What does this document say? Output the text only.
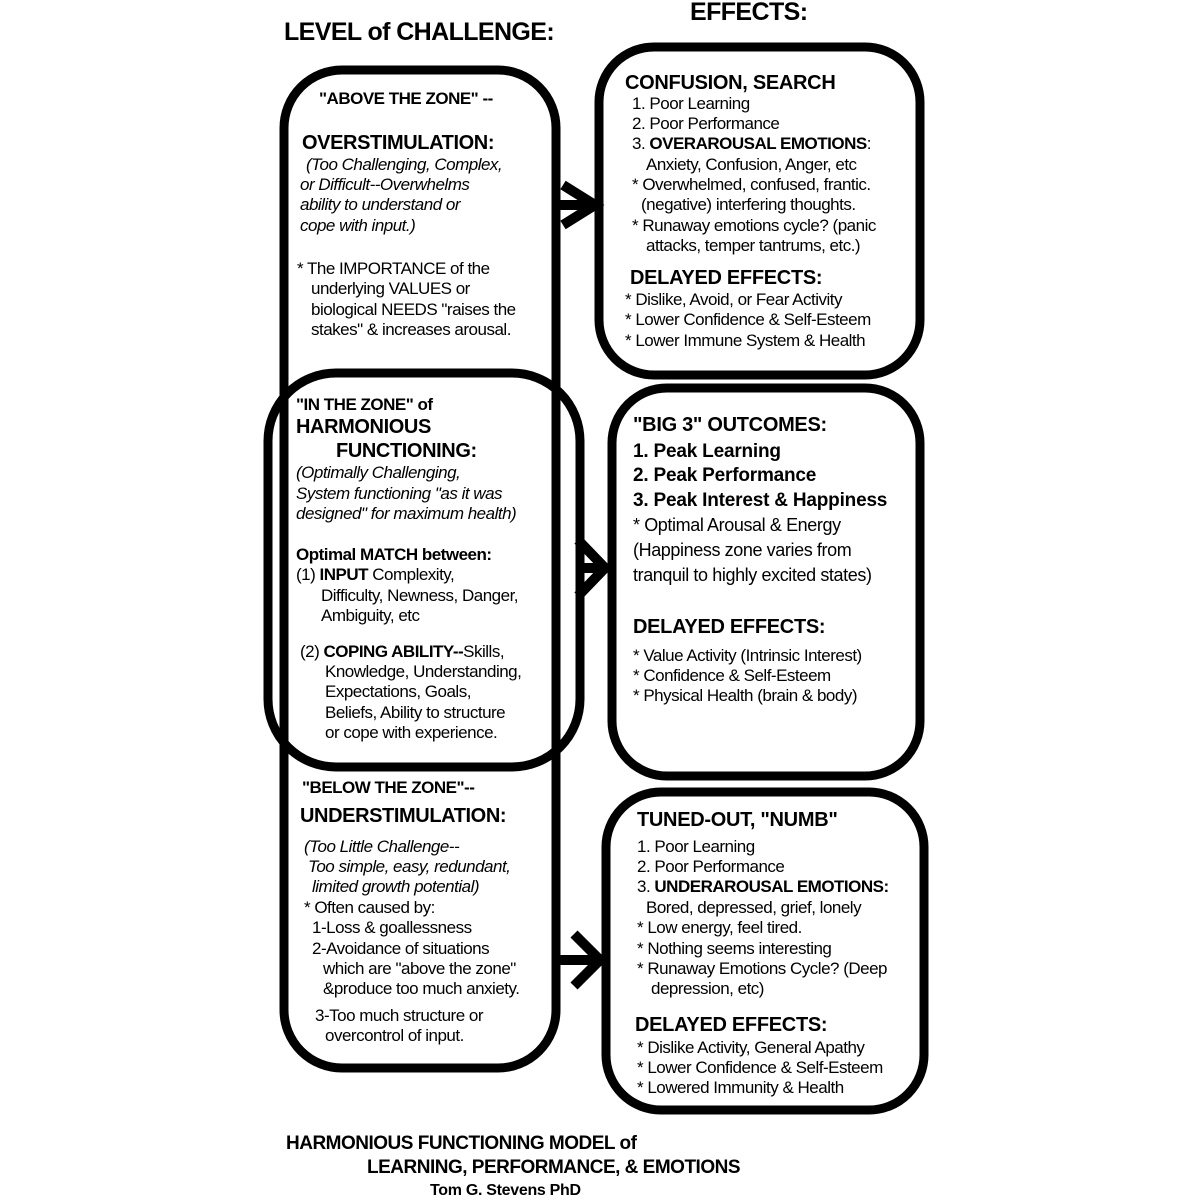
LEVEL of CHALLENGE:
EFFECTS:
"ABOVE THE ZONE" --
OVERSTIMULATION:
(Too Challenging, Complex,
or Difficult--Overwhelms
ability to understand or
cope with input.)
* The IMPORTANCE of the
underlying VALUES or
biological NEEDS "raises the
stakes" & increases arousal.
CONFUSION, SEARCH
1. Poor Learning
2. Poor Performance
3. OVERAROUSAL EMOTIONS:
Anxiety, Confusion, Anger, etc
* Overwhelmed, confused, frantic.
(negative) interfering thoughts.
* Runaway emotions cycle? (panic
attacks, temper tantrums, etc.)
DELAYED EFFECTS:
* Dislike, Avoid, or Fear Activity
* Lower Confidence & Self-Esteem
* Lower Immune System & Health
"IN THE ZONE" of
HARMONIOUS
FUNCTIONING:
(Optimally Challenging,
System functioning "as it was
designed" for maximum health)
Optimal MATCH between:
(1) INPUT Complexity,
Difficulty, Newness, Danger,
Ambiguity, etc
(2) COPING ABILITY--Skills,
Knowledge, Understanding,
Expectations, Goals,
Beliefs, Ability to structure
or cope with experience.
"BIG 3" OUTCOMES:
1. Peak Learning
2. Peak Performance
3. Peak Interest & Happiness
* Optimal Arousal & Energy
(Happiness zone varies from
tranquil to highly excited states)
DELAYED EFFECTS:
* Value Activity (Intrinsic Interest)
* Confidence & Self-Esteem
* Physical Health (brain & body)
"BELOW THE ZONE"--
UNDERSTIMULATION:
(Too Little Challenge--
Too simple, easy, redundant,
limited growth potential)
* Often caused by:
1-Loss & goallessness
2-Avoidance of situations
which are "above the zone"
&produce too much anxiety.
3-Too much structure or
overcontrol of input.
TUNED-OUT, "NUMB"
1. Poor Learning
2. Poor Performance
3. UNDERAROUSAL EMOTIONS:
Bored, depressed, grief, lonely
* Low energy, feel tired.
* Nothing seems interesting
* Runaway Emotions Cycle? (Deep
depression, etc)
DELAYED EFFECTS:
* Dislike Activity, General Apathy
* Lower Confidence & Self-Esteem
* Lowered Immunity & Health
HARMONIOUS FUNCTIONING MODEL of
LEARNING, PERFORMANCE, & EMOTIONS
Tom G. Stevens PhD
